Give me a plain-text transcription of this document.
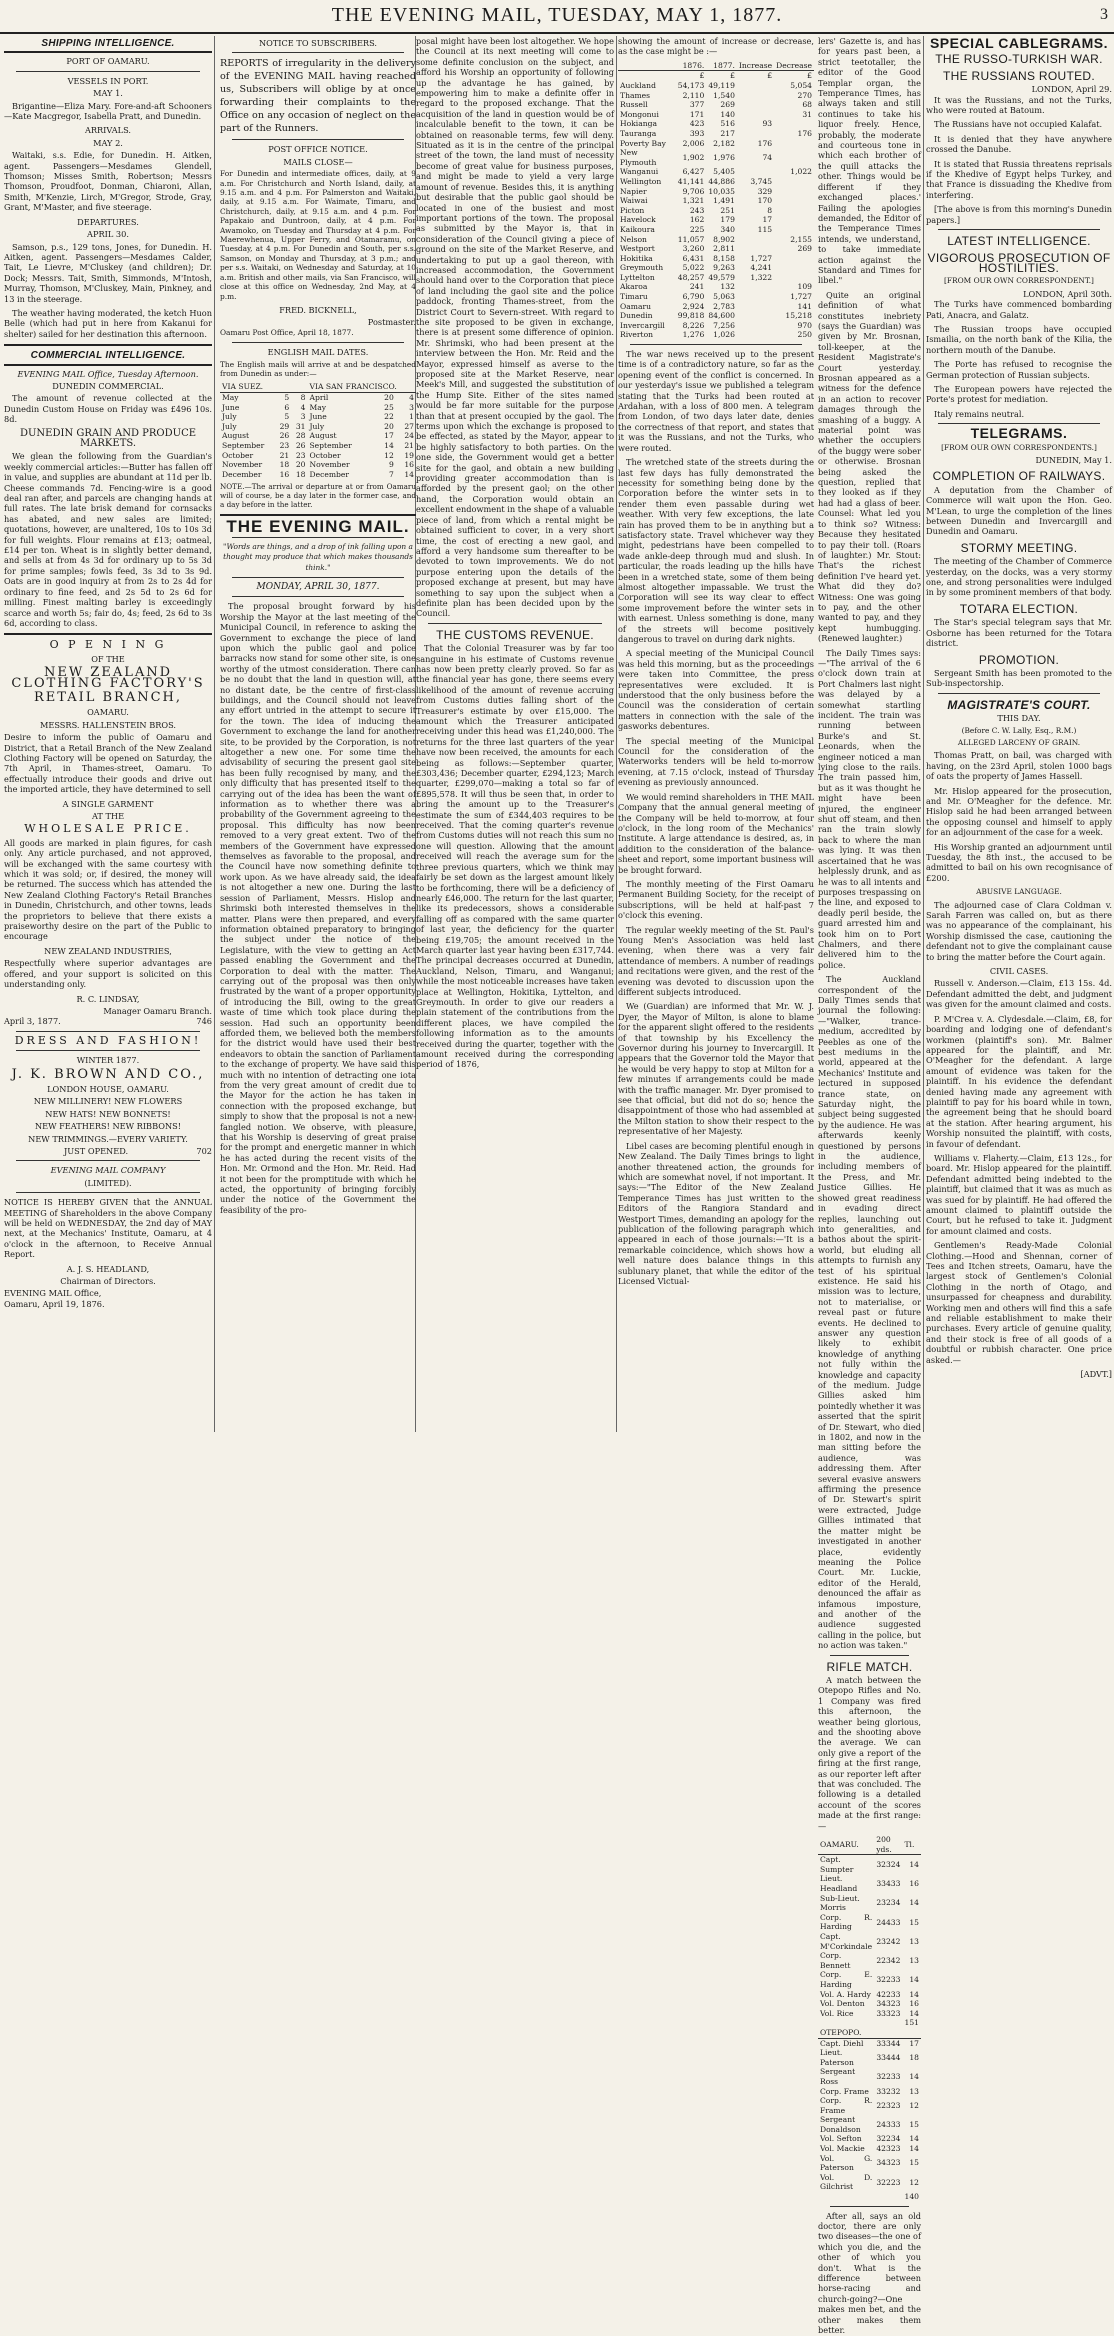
THE EVENING MAIL, TUESDAY, MAY 1, 1877.	3
SHIPPING INTELLIGENCE.
PORT OF OAMARU.
VESSELS IN PORT.
MAY 1.

Brigantine—Eliza Mary. Fore-and-aft Schooners—Kate Macgregor, Isabella Pratt, and Dunedin.

ARRIVALS.
MAY 2.

Waitaki, s.s. Edie, for Dunedin. H. Aitken, agent. Passengers—Mesdames Glendell, Thomson; Misses Smith, Robertson; Messrs Thomson, Proudfoot, Donman, Chiaroni, Allan, Smith, M'Kenzie, Lirch, M'Gregor, Strode, Gray, Grant, M'Master, and five steerage.

DEPARTURES.
APRIL 30.

Samson, p.s., 129 tons, Jones, for Dunedin. H. Aitken, agent. Passengers—Mesdames Calder, Tait, Le Lievre, M'Cluskey (and children); Dr. Dock; Messrs. Tait, Smith, Simmonds, M'Intosh, Murray, Thomson, M'Cluskey, Main, Pinkney, and 13 in the steerage.

The weather having moderated, the ketch Huon Belle (which had put in here from Kakanui for shelter) sailed for her destination this afternoon.

COMMERCIAL INTELLIGENCE.
EVENING MAIL Office, Tuesday Afternoon.
DUNEDIN COMMERCIAL.

The amount of revenue collected at the Dunedin Custom House on Friday was £496 10s. 8d.

DUNEDIN GRAIN AND PRODUCE MARKETS.

We glean the following from the Guardian's weekly commercial articles:—Butter has fallen off in value, and supplies are abundant at 11d per lb. Cheese commands 7d. Fencing-wire is a good deal ran after, and parcels are changing hands at full rates. The late brisk demand for cornsacks has abated, and new sales are limited; quotations, however, are unaltered, 10s to 10s 3d for full weights. Flour remains at £13; oatmeal, £14 per ton. Wheat is in slightly better demand, and sells at from 4s 3d for ordinary up to 5s 3d for prime samples; fowls feed, 3s 3d to 3s 9d. Oats are in good inquiry at from 2s to 2s 4d for ordinary to fine feed, and 2s 5d to 2s 6d for milling. Finest malting barley is exceedingly scarce and worth 5s; fair do, 4s; feed, 2s 6d to 3s 6d, according to class.

O P E N I N G
OF THE
NEW ZEALAND CLOTHING FACTORY'S
RETAIL BRANCH,
OAMARU.
MESSRS. HALLENSTEIN BROS.

Desire to inform the public of Oamaru and District, that a Retail Branch of the New Zealand Clothing Factory will be opened on Saturday, the 7th April, in Thames-street, Oamaru. To effectually introduce their goods and drive out the imported article, they have determined to sell

A SINGLE GARMENT
AT THE
WHOLESALE PRICE.

All goods are marked in plain figures, for cash only. Any article purchased, and not approved, will be exchanged with the same courtesy with which it was sold; or, if desired, the money will be returned. The success which has attended the New Zealand Clothing Factory's Retail Branches in Dunedin, Christchurch, and other towns, leads the proprietors to believe that there exists a praiseworthy desire on the part of the Public to encourage

NEW ZEALAND INDUSTRIES,

Respectfully where superior advantages are offered, and your support is solicited on this understanding only.

R. C. LINDSAY,
Manager Oamaru Branch.
April 3, 1877.	746
DRESS AND FASHION!
WINTER 1877.
J. K. BROWN AND CO.,
LONDON HOUSE, OAMARU.
NEW MILLINERY! NEW FLOWERS
NEW HATS! NEW BONNETS!
NEW FEATHERS! NEW RIBBONS!
NEW TRIMMINGS.—EVERY VARIETY.
JUST OPENED.	702
EVENING MAIL COMPANY
(LIMITED).

NOTICE IS HEREBY GIVEN that the ANNUAL MEETING of Shareholders in the above Company will be held on WEDNESDAY, the 2nd day of MAY next, at the Mechanics' Institute, Oamaru, at 4 o'clock in the afternoon, to Receive Annual Report.

A. J. S. HEADLAND,
Chairman of Directors.
EVENING MAIL Office,
Oamaru, April 19, 1876.
NOTICE TO SUBSCRIBERS.

REPORTS of irregularity in the delivery of the EVENING MAIL having reached us, Subscribers will oblige by at once forwarding their complaints to the Office on any occasion of neglect on the part of the Runners.

POST OFFICE NOTICE.
MAILS CLOSE—

For Dunedin and intermediate offices, daily, at 9 a.m. For Christchurch and North Island, daily, at 9.15 a.m. and 4 p.m. For Palmerston and Waitaki, daily, at 9.15 a.m. For Waimate, Timaru, and Christchurch, daily, at 9.15 a.m. and 4 p.m. For Papakaio and Duntroon, daily, at 4 p.m. For Awamoko, on Tuesday and Thursday at 4 p.m. For Maerewhenua, Upper Ferry, and Otamaramu, on Tuesday, at 4 p.m. For Dunedin and South, per s.s. Samson, on Monday and Thursday, at 3 p.m.; and per s.s. Waitaki, on Wednesday and Saturday, at 10 a.m. British and other mails, via San Francisco, will close at this office on Wednesday, 2nd May, at 4 p.m.

FRED. BICKNELL,
Postmaster.
Oamaru Post Office, April 18, 1877.
ENGLISH MAIL DATES.

The English mails will arrive at and be despatched from Dunedin as under:—

VIA SUEZ.			VIA SAN FRANCISCO.		
May	5	8	April	20	4
June	6	4	May	25	3
July	5	3	June	22	1
July	29	31	July	20	27
August	26	28	August	17	24
September	23	26	September	14	21
October	21	23	October	12	19
November	18	20	November	9	16
December	16	18	December	7	14

NOTE.—The arrival or departure at or from Oamaru will of course, be a day later in the former case, and a day before in the latter.

THE EVENING MAIL.
"Words are things, and a drop of ink falling upon a thought may produce that which makes thousands think."
MONDAY, APRIL 30, 1877.

The proposal brought forward by his Worship the Mayor at the last meeting of the Municipal Council, in reference to asking the Government to exchange the piece of land upon which the public gaol and police barracks now stand for some other site, is one worthy of the utmost consideration. There can be no doubt that the land in question will, at no distant date, be the centre of first-class buildings, and the Council should not leave any effort untried in the attempt to secure it for the town. The idea of inducing the Government to exchange the land for another site, to be provided by the Corporation, is not altogether a new one. For some time the advisability of securing the present gaol site has been fully recognised by many, and the only difficulty that has presented itself to the carrying out of the idea has been the want of information as to whether there was a probability of the Government agreeing to the proposal. This difficulty has now been removed to a very great extent. Two of the members of the Government have expressed themselves as favorable to the proposal, and the Council have now something definite to work upon. As we have already said, the idea is not altogether a new one. During the last session of Parliament, Messrs. Hislop and Shrimski both interested themselves in the matter. Plans were then prepared, and every information obtained preparatory to bringing the subject under the notice of the Legislature, with the view to getting an Act passed enabling the Government and the Corporation to deal with the matter. The carrying out of the proposal was then only frustrated by the want of a proper opportunity of introducing the Bill, owing to the great waste of time which took place during the session. Had such an opportunity been afforded them, we believed both the members for the district would have used their best endeavors to obtain the sanction of Parliament to the exchange of property. We have said this much with no intention of detracting one iota from the very great amount of credit due to the Mayor for the action he has taken in connection with the proposed exchange, but simply to show that the proposal is not a new-fangled notion. We observe, with pleasure, that his Worship is deserving of great praise for the prompt and energetic manner in which he has acted during the recent visits of the Hon. Mr. Ormond and the Hon. Mr. Reid. Had it not been for the promptitude with which he acted, the opportunity of bringing forcibly under the notice of the Government the feasibility of the pro-

posal might have been lost altogether. We hope the Council at its next meeting will come to some definite conclusion on the subject, and afford his Worship an opportunity of following up the advantage he has gained, by empowering him to make a definite offer in regard to the proposed exchange. That the acquisition of the land in question would be of incalculable benefit to the town, it can be obtained on reasonable terms, few will deny. Situated as it is in the centre of the principal street of the town, the land must of necessity become of great value for business purposes, and might be made to yield a very large amount of revenue. Besides this, it is anything but desirable that the public gaol should be located in one of the busiest and most important portions of the town. The proposal as submitted by the Mayor is, that in consideration of the Council giving a piece of ground on the site of the Market Reserve, and undertaking to put up a gaol thereon, with increased accommodation, the Government should hand over to the Corporation that piece of land including the gaol site and the police paddock, fronting Thames-street, from the District Court to Severn-street. With regard to the site proposed to be given in exchange, there is at present some difference of opinion. Mr. Shrimski, who had been present at the interview between the Hon. Mr. Reid and the Mayor, expressed himself as averse to the proposed site at the Market Reserve, near Meek's Mill, and suggested the substitution of the Hump Site. Either of the sites named would be far more suitable for the purpose than that at present occupied by the gaol. The terms upon which the exchange is proposed to be effected, as stated by the Mayor, appear to be highly satisfactory to both parties. On the one side, the Government would get a better site for the gaol, and obtain a new building providing greater accommodation than is afforded by the present gaol; on the other hand, the Corporation would obtain an excellent endowment in the shape of a valuable piece of land, from which a rental might be obtained sufficient to cover, in a very short time, the cost of erecting a new gaol, and afford a very handsome sum thereafter to be devoted to town improvements. We do not purpose entering upon the details of the proposed exchange at present, but may have something to say upon the subject when a definite plan has been decided upon by the Council.

THE CUSTOMS REVENUE.

That the Colonial Treasurer was by far too sanguine in his estimate of Customs revenue has now been pretty clearly proved. So far as the financial year has gone, there seems every likelihood of the amount of revenue accruing from Customs duties falling short of the Treasurer's estimate by over £15,000. The amount which the Treasurer anticipated receiving under this head was £1,240,000. The returns for the three last quarters of the year have now been received, the amounts for each being as follows:—September quarter, £303,436; December quarter, £294,123; March quarter, £299,070—making a total so far of £895,578. It will thus be seen that, in order to bring the amount up to the Treasurer's estimate the sum of £344,403 requires to be received. That the coming quarter's revenue from Customs duties will not reach this sum no one will question. Allowing that the amount received will reach the average sum for the three previous quarters, which we think may fairly be set down as the largest amount likely to be forthcoming, there will be a deficiency of nearly £46,000. The return for the last quarter, like its predecessors, shows a considerable falling off as compared with the same quarter of last year, the deficiency for the quarter being £19,705; the amount received in the March quarter last year having been £317,744. The principal decreases occurred at Dunedin, Auckland, Nelson, Timaru, and Wanganui; while the most noticeable increases have taken place at Wellington, Hokitika, Lyttelton, and Greymouth. In order to give our readers a plain statement of the contributions from the different places, we have compiled the following information as to the amounts received during the quarter, together with the amount received during the corresponding period of 1876,

showing the amount of increase or decrease, as the case might be :—

	1876.	1877.	Increase	Decrease
	£	£	£	£
Auckland	54,173	49,119		5,054
Thames	2,110	1,540		270
Russell	377	269		68
Mongonui	171	140		31
Hokianga	423	516	93	
Tauranga	393	217		176
Poverty Bay	2,006	2,182	176	
New Plymouth	1,902	1,976	74	
Wanganui	6,427	5,405		1,022
Wellington	41,141	44,886	3,745	
Napier	9,706	10,035	329	
Waiwai	1,321	1,491	170	
Picton	243	251	8	
Havelock	162	179	17	
Kaikoura	225	340	115	
Nelson	11,057	8,902		2,155
Westport	3,260	2,811		269
Hokitika	6,431	8,158	1,727	
Greymouth	5,022	9,263	4,241	
Lyttelton	48,257	49,579	1,322	
Akaroa	241	132		109
Timaru	6,790	5,063		1,727
Oamaru	2,924	2,783		141
Dunedin	99,818	84,600		15,218
Invercargill	8,226	7,256		970
Riverton	1,276	1,026		250

The war news received up to the present time is of a contradictory nature, so far as the opening event of the conflict is concerned. In our yesterday's issue we published a telegram stating that the Turks had been routed at Ardahan, with a loss of 800 men. A telegram from London, of two days later date, denies the correctness of that report, and states that it was the Russians, and not the Turks, who were routed.

The wretched state of the streets during the last few days has fully demonstrated the necessity for something being done by the Corporation before the winter sets in to render them even passable during wet weather. With very few exceptions, the late rain has proved them to be in anything but a satisfactory state. Travel whichever way they might, pedestrians have been compelled to wade ankle-deep through mud and slush. In particular, the roads leading up the hills have been in a wretched state, some of them being almost altogether impassable. We trust the Corporation will see its way clear to effect some improvement before the winter sets in with earnest. Unless something is done, many of the streets will become positively dangerous to travel on during dark nights.

A special meeting of the Municipal Council was held this morning, but as the proceedings were taken into Committee, the press representatives were excluded. It is understood that the only business before the Council was the consideration of certain matters in connection with the sale of the gasworks debentures.

The special meeting of the Municipal Council for the consideration of the Waterworks tenders will be held to-morrow evening, at 7.15 o'clock, instead of Thursday evening as previously announced.

We would remind shareholders in THE MAIL Company that the annual general meeting of the Company will be held to-morrow, at four o'clock, in the long room of the Mechanics' Institute. A large attendance is desired, as, in addition to the consideration of the balance-sheet and report, some important business will be brought forward.

The monthly meeting of the First Oamaru Permanent Building Society, for the receipt of subscriptions, will be held at half-past 7 o'clock this evening.

The regular weekly meeting of the St. Paul's Young Men's Association was held last evening, when there was a very fair attendance of members. A number of readings and recitations were given, and the rest of the evening was devoted to discussion upon the different subjects introduced.

We (Guardian) are informed that Mr. W. J. Dyer, the Mayor of Milton, is alone to blame for the apparent slight offered to the residents of that township by his Excellency the Governor during his journey to Invercargill. It appears that the Governor told the Mayor that he would be very happy to stop at Milton for a few minutes if arrangements could be made with the traffic manager. Mr. Dyer promised to see that official, but did not do so; hence the disappointment of those who had assembled at the Milton station to show their respect to the representative of her Majesty.

Libel cases are becoming plentiful enough in New Zealand. The Daily Times brings to light another threatened action, the grounds for which are somewhat novel, if not important. It says:—"The Editor of the New Zealand Temperance Times has just written to the Editors of the Rangiora Standard and Westport Times, demanding an apology for the publication of the following paragraph which appeared in each of those journals:—'It is a remarkable coincidence, which shows how a well nature does balance things in this sublunary planet, that while the editor of the Licensed Victual-

lers' Gazette is, and has for years past been, a strict teetotaller, the editor of the Good Templar organ, the Temperance Times, has always taken and still continues to take his liquor freely. Hence, probably, the moderate and courteous tone in which each brother of the quill attacks the other. Things would be different if they exchanged places.' Failing the apologies demanded, the Editor of the Temperance Times intends, we understand, to take immediate action against the Standard and Times for libel."

Quite an original definition of what constitutes inebriety (says the Guardian) was given by Mr. Brosnan, toll-keeper, at the Resident Magistrate's Court yesterday. Brosnan appeared as a witness for the defence in an action to recover damages through the smashing of a buggy. A material point was whether the occupiers of the buggy were sober or otherwise. Brosnan being asked the question, replied that they looked as if they had had a glass of beer. Counsel: What led you to think so? Witness: Because they hesitated to pay their toll. (Roars of laughter.) Mr. Stout: That's the richest definition I've heard yet. What did they do? Witness: One was going to pay, and the other wanted to pay, and they kept humbugging. (Renewed laughter.)

The Daily Times says:—"The arrival of the 6 o'clock down train at Port Chalmers last night was delayed by a somewhat startling incident. The train was running between Burke's and St. Leonards, when the engineer noticed a man lying close to the rails. The train passed him, but as it was thought he might have been injured, the engineer shut off steam, and then ran the train slowly back to where the man was lying. It was then ascertained that he was helplessly drunk, and as he was to all intents and purposes trespassing on the line, and exposed to deadly peril beside, the guard arrested him and took him on to Port Chalmers, and there delivered him to the police.

The Auckland correspondent of the Daily Times sends that journal the following:—"Walker, trance-medium, accredited by Peebles as one of the best mediums in the world, appeared at the Mechanics' Institute and lectured in supposed trance state, on Saturday night, the subject being suggested by the audience. He was afterwards keenly questioned by persons in the audience, including members of the Press, and Mr. Justice Gillies. He showed great readiness in evading direct replies, launching out into generalities, and bathos about the spirit-world, but eluding all attempts to furnish any test of his spiritual existence. He said his mission was to lecture, not to materialise, or reveal past or future events. He declined to answer any question likely to exhibit knowledge of anything not fully within the knowledge and capacity of the medium. Judge Gillies asked him pointedly whether it was asserted that the spirit of Dr. Stewart, who died in 1802, and now in the man sitting before the audience, was addressing them. After several evasive answers affirming the presence of Dr. Stewart's spirit were extracted, Judge Gillies intimated that the matter might be investigated in another place, evidently meaning the Police Court. Mr. Luckie, editor of the Herald, denounced the affair as infamous imposture, and another of the audience suggested calling in the police, but no action was taken."

RIFLE MATCH.

A match between the Otepopo Rifles and No. 1 Company was fired this afternoon, the weather being glorious, and the shooting above the average. We can only give a report of the firing at the first range, as our reporter left after that was concluded. The following is a detailed account of the scores made at the first range:—

OAMARU.	200 yds.	Tl.
Capt. Sumpter	32324	14
Lieut. Headland	33433	16
Sub-Lieut. Morris	23234	14
Corp. R. Harding	24433	15
Capt. M'Corkindale	23242	13
Corp. Bennett	22342	13
Corp. E. Harding	32233	14
Vol. A. Hardy	42233	14
Vol. Denton	34323	16
Vol. Rice	33323	14
		151
OTEPOPO.		
Capt. Diehl	33344	17
Lieut. Paterson	33444	18
Sergeant Ross	32233	14
Corp. Frame	33232	13
Corp. R. Frame	22323	12
Sergeant Donaldson	24333	15
Vol. Sefton	32234	14
Vol. Mackie	42323	14
Vol. G. Paterson	34323	15
Vol. D. Gilchrist	32223	12
		140

After all, says an old doctor, there are only two diseases—the one of which you die, and the other of which you don't. What is the difference between horse-racing and church-going?—One makes men bet, and the other makes them better.

SPECIAL CABLEGRAMS.
THE RUSSO-TURKISH WAR.
THE RUSSIANS ROUTED.
LONDON, April 29.

It was the Russians, and not the Turks, who were routed at Batoum.

The Russians have not occupied Kalafat.

It is denied that they have anywhere crossed the Danube.

It is stated that Russia threatens reprisals if the Khedive of Egypt helps Turkey, and that France is dissuading the Khedive from interfering.

[The above is from this morning's Dunedin papers.]

LATEST INTELLIGENCE.
VIGOROUS PROSECUTION OF HOSTILITIES.
[FROM OUR OWN CORRESPONDENT.]
LONDON, April 30th.

The Turks have commenced bombarding Pati, Anacra, and Galatz.

The Russian troops have occupied Ismailia, on the north bank of the Kilia, the northern mouth of the Danube.

The Porte has refused to recognise the German protection of Russian subjects.

The European powers have rejected the Porte's protest for mediation.

Italy remains neutral.

TELEGRAMS.
[FROM OUR OWN CORRESPONDENTS.]
DUNEDIN, May 1.
COMPLETION OF RAILWAYS.

A deputation from the Chamber of Commerce will wait upon the Hon. Geo. M'Lean, to urge the completion of the lines between Dunedin and Invercargill and Dunedin and Oamaru.

STORMY MEETING.

The meeting of the Chamber of Commerce yesterday, on the docks, was a very stormy one, and strong personalities were indulged in by some prominent members of that body.

TOTARA ELECTION.

The Star's special telegram says that Mr. Osborne has been returned for the Totara district.

PROMOTION.

Sergeant Smith has been promoted to the Sub-inspectorship.

MAGISTRATE'S COURT.
THIS DAY.
(Before C. W. Lally, Esq., R.M.)
ALLEGED LARCENY OF GRAIN.

Thomas Pratt, on bail, was charged with having, on the 23rd April, stolen 1000 bags of oats the property of James Hassell.

Mr. Hislop appeared for the prosecution, and Mr. O'Meagher for the defence. Mr. Hislop said he had been arranged between the opposing counsel and himself to apply for an adjournment of the case for a week.

His Worship granted an adjournment until Tuesday, the 8th inst., the accused to be admitted to bail on his own recognisance of £200.

ABUSIVE LANGUAGE.

The adjourned case of Clara Coldman v. Sarah Farren was called on, but as there was no appearance of the complainant, his Worship dismissed the case, cautioning the defendant not to give the complainant cause to bring the matter before the Court again.

CIVIL CASES.

Russell v. Anderson.—Claim, £13 15s. 4d. Defendant admitted the debt, and judgment was given for the amount claimed and costs.

P. M'Crea v. A. Clydesdale.—Claim, £8, for boarding and lodging one of defendant's workmen (plaintiff's son). Mr. Balmer appeared for the plaintiff, and Mr. O'Meagher for the defendant. A large amount of evidence was taken for the plaintiff. In his evidence the defendant denied having made any agreement with plaintiff to pay for his board while in town, the agreement being that he should board at the station. After hearing argument, his Worship nonsuited the plaintiff, with costs, in favour of defendant.

Williams v. Flaherty.—Claim, £13 12s., for board. Mr. Hislop appeared for the plaintiff. Defendant admitted being indebted to the plaintiff, but claimed that it was as much as was sued for by plaintiff. He had offered the amount claimed to plaintiff outside the Court, but he refused to take it. Judgment for amount claimed and costs.

Gentlemen's Ready-Made Colonial Clothing.—Hood and Shennan, corner of Tees and Itchen streets, Oamaru, have the largest stock of Gentlemen's Colonial Clothing in the north of Otago, and unsurpassed for cheapness and durability. Working men and others will find this a safe and reliable establishment to make their purchases. Every article of genuine quality, and their stock is free of all goods of a doubtful or rubbish character. One price asked.—

[ADVT.]
